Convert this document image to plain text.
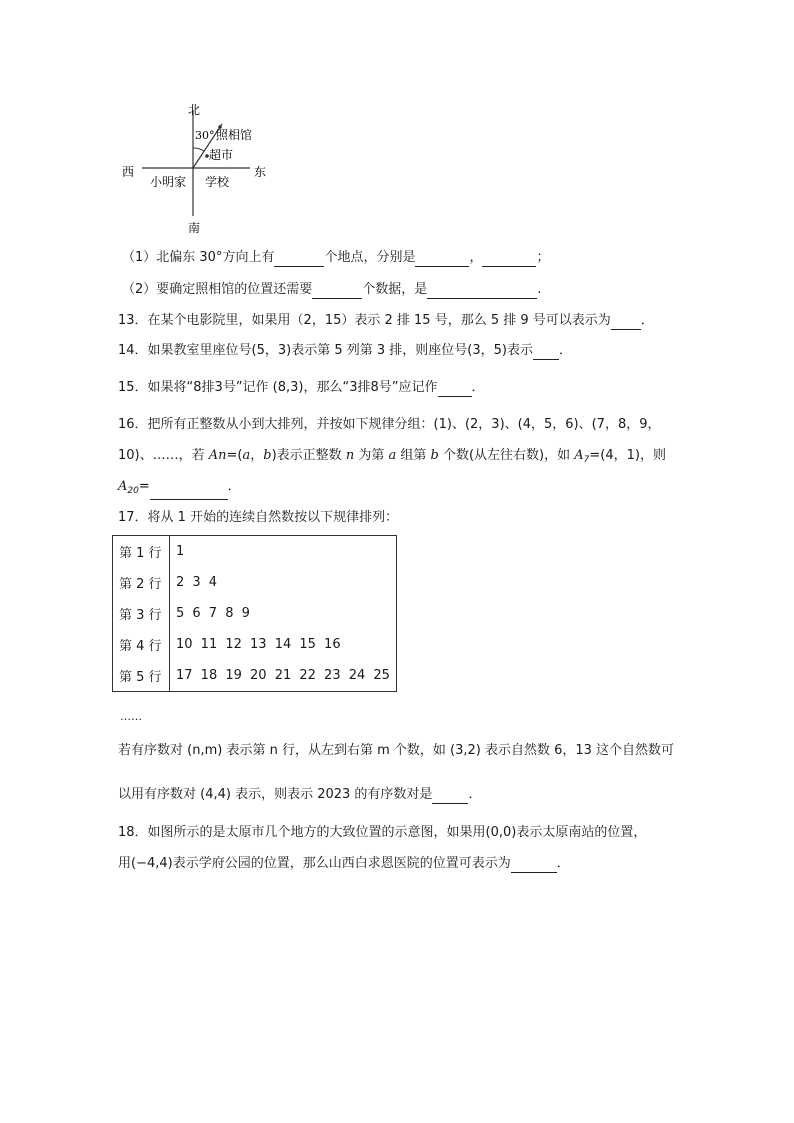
北
南
西	东
30° 照相馆
超市
小明家 学校
（1）北偏东 30°方向上有	个地点，分别是	，	；
（2）要确定照相馆的位置还需要	个数据，是	.
13．在某个电影院里，如果用（2，15）表示 2 排 15 号，那么 5 排 9 号可以表示为 ．
14．如果教室里座位号(5，3)表示第 5 列第 3 排，则座位号(3，5)表示 ．
15．如果将“8排3号”记作 (8,3)，那么“3排8号”应记作	．
16．把所有正整数从小到大排列，并按如下规律分组：(1)、(2，3)、(4，5，6)、(7，8，9，
10)、……，若 An=(a，b)表示正整数 n 为第 a 组第 b 个数(从左往右数)，如 $A_7=(4$，1)，则
$A_{20}=$	．
17．将从 1 开始的连续自然数按以下规律排列：
第 1 行	1
第 2 行	2 3 4
第 3 行	5 6 7 8 9
第 4 行	10 11 12 13 14 15 16
第 5 行	17 18 19 20 21 22 23 24 25
……
若有序数对 (n,m) 表示第 n 行，从左到右第 m 个数，如 (3,2) 表示自然数 6，13 这个自然数可
以用有序数对 (4,4) 表示，则表示 2023 的有序数对是	．
18．如图所示的是太原市几个地方的大致位置的示意图，如果用(0,0)表示太原南站的位置，
用(−4,4)表示学府公园的位置，那么山西白求恩医院的位置可表示为	．
